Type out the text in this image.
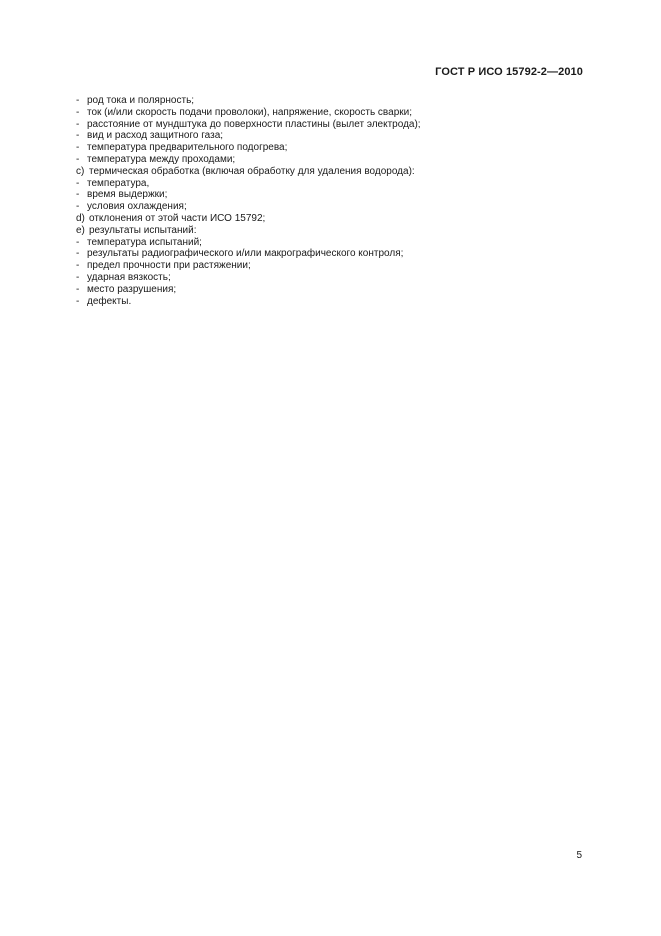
ГОСТ Р ИСО 15792-2—2010
- род тока и полярность;
- ток (и/или скорость подачи проволоки), напряжение, скорость сварки;
- расстояние от мундштука до поверхности пластины (вылет электрода);
- вид и расход защитного газа;
- температура предварительного подогрева;
- температура между проходами;
c) термическая обработка (включая обработку для удаления водорода):
- температура,
- время выдержки;
- условия охлаждения;
d) отклонения от этой части ИСО 15792;
e) результаты испытаний:
- температура испытаний;
- результаты радиографического и/или макрографического контроля;
- предел прочности при растяжении;
- ударная вязкость;
- место разрушения;
- дефекты.
5
